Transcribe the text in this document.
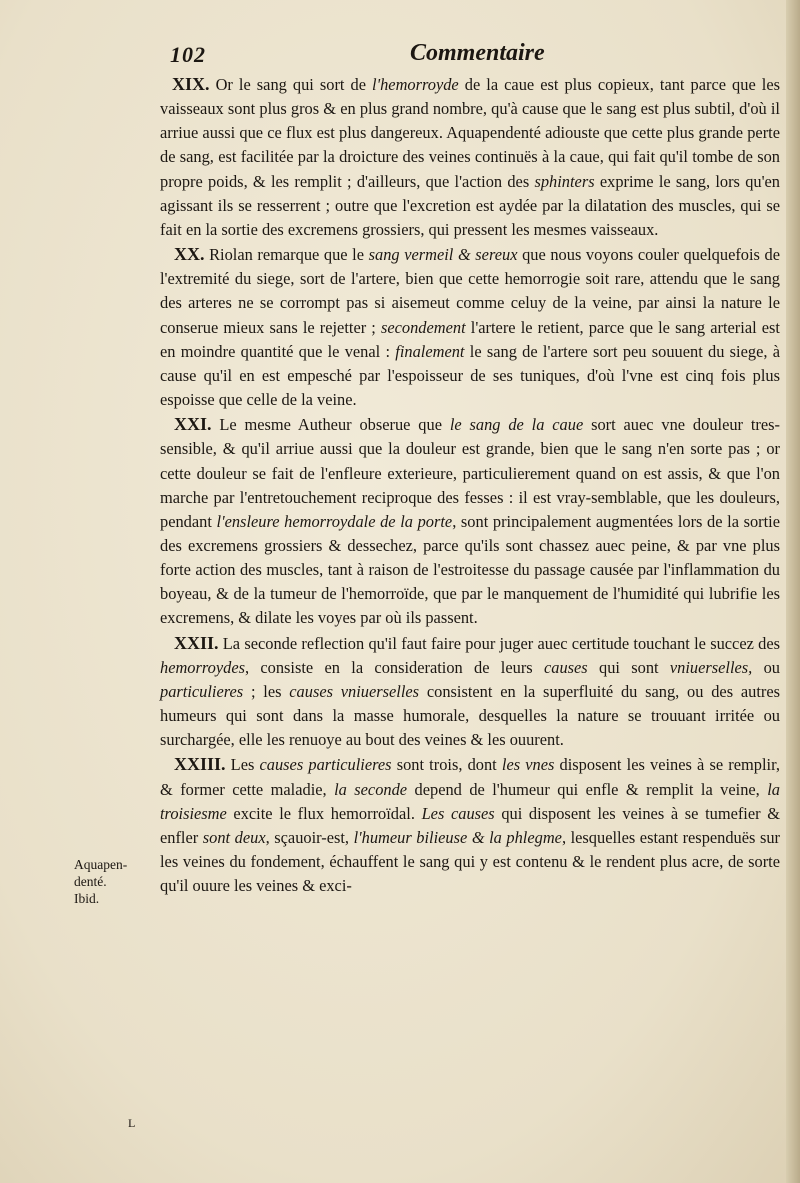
102	Commentaire

XIX. Or le sang qui sort de l'hemorroyde de la caue est plus copieux, tant parce que les vaisseaux sont plus gros & en plus grand nombre, qu'à cause que le sang est plus subtil, d'où il arriue aussi que ce flux est plus dangereux. Aquapendenté adiouste que cette plus grande perte de sang, est facilitée par la droicture des veines continuës à la caue, qui fait qu'il tombe de son propre poids, & les remplit ; d'ailleurs, que l'action des sphinters exprime le sang, lors qu'en agissant ils se resserrent ; outre que l'excretion est aydée par la dilatation des muscles, qui se fait en la sortie des excremens grossiers, qui pressent les mesmes vaisseaux.

XX. Riolan remarque que le sang vermeil & sereux que nous voyons couler quelquefois de l'extremité du siege, sort de l'artere, bien que cette hemorrogie soit rare, attendu que le sang des arteres ne se corrompt pas si aisemeut comme celuy de la veine, par ainsi la nature le conserue mieux sans le rejetter ; secondement l'artere le retient, parce que le sang arterial est en moindre quantité que le venal : finalement le sang de l'artere sort peu souuent du siege, à cause qu'il en est empesché par l'espoisseur de ses tuniques, d'où l'vne est cinq fois plus espoisse que celle de la veine.

XXI. Le mesme Autheur obserue que le sang de la caue sort auec vne douleur tres-sensible, & qu'il arriue aussi que la douleur est grande, bien que le sang n'en sorte pas ; or cette douleur se fait de l'enfleure exterieure, particulierement quand on est assis, & que l'on marche par l'entretouchement reciproque des fesses : il est vray-semblable, que les douleurs, pendant l'ensleure hemorroydale de la porte, sont principalement augmentées lors de la sortie des excremens grossiers & dessechez, parce qu'ils sont chassez auec peine, & par vne plus forte action des muscles, tant à raison de l'estroitesse du passage causée par l'inflammation du boyeau, & de la tumeur de l'hemorroïde, que par le manquement de l'humidité qui lubrifie les excremens, & dilate les voyes par où ils passent.

XXII. La seconde reflection qu'il faut faire pour juger auec certitude touchant le succez des hemorroydes, consiste en la consideration de leurs causes qui sont vniuerselles, ou particulieres ; les causes vniuerselles consistent en la superfluité du sang, ou des autres humeurs qui sont dans la masse humorale, desquelles la nature se trouuant irritée ou surchargée, elle les renuoye au bout des veines & les ouurent.

XXIII. Les causes particulieres sont trois, dont les vnes disposent les veines à se remplir, & former cette maladie, la seconde depend de l'humeur qui enfle & remplit la veine, la troisiesme excite le flux hemorroïdal. Les causes qui disposent les veines à se tumefier & enfler sont deux, sçauoir-est, l'humeur bilieuse & la phlegme, lesquelles estant respenduës sur les veines du fondement, échauffent le sang qui y est contenu & le rendent plus acre, de sorte qu'il ouure les veines & exci-

Aquapen-
denté.
Ibid.
L
